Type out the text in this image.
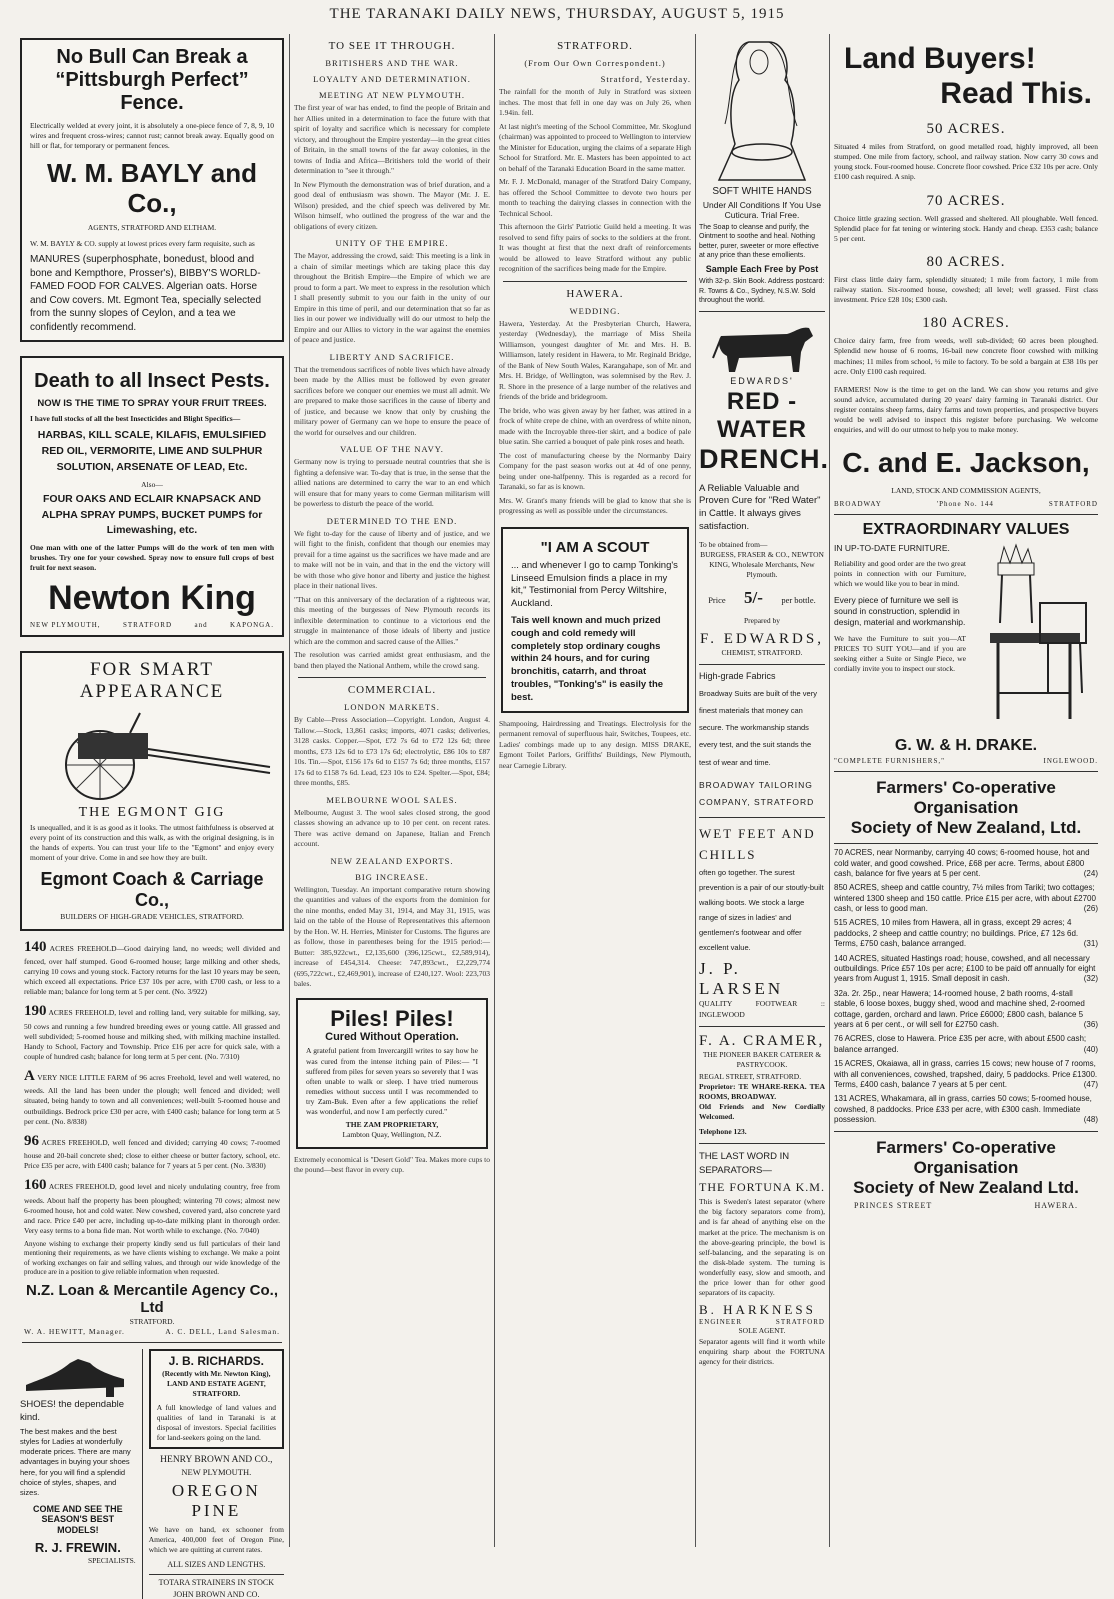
THE TARANAKI DAILY NEWS, THURSDAY, AUGUST 5, 1915
No Bull Can Break a
“Pittsburgh Perfect” Fence.
Electrically welded at every joint, it is absolutely a one-piece fence of 7, 8, 9, 10 wires and frequent cross-wires; cannot rust; cannot break away. Equally good on hill or flat, for temporary or permanent fences.
W. M. BAYLY and Co.,
AGENTS, STRATFORD AND ELTHAM.
W. M. BAYLY & CO. supply at lowest prices every farm requisite, such as
MANURES (superphosphate, bonedust, blood and bone and Kempthore, Prosser's), BIBBY'S WORLD-FAMED FOOD FOR CALVES. Algerian oats. Horse and Cow covers. Mt. Egmont Tea, specially selected from the sunny slopes of Ceylon, and a tea we confidently recommend.
Death to all Insect Pests.
NOW IS THE TIME TO SPRAY YOUR FRUIT TREES.
I have full stocks of all the best Insecticides and Blight Specifics—
HARBAS, KILL SCALE, KILAFIS, EMULSIFIED RED OIL, VERMORITE, LIME AND SULPHUR SOLUTION, ARSENATE OF LEAD, Etc.
Also—
FOUR OAKS AND ECLAIR KNAPSACK AND ALPHA SPRAY PUMPS, BUCKET PUMPS for Limewashing, etc.
One man with one of the latter Pumps will do the work of ten men with brushes. Try one for your cowshed. Spray now to ensure full crops of best fruit for next season.
Newton King
NEW PLYMOUTH,	STRATFORD	and	KAPONGA.
FOR SMART APPEARANCE
THE EGMONT GIG
Is unequalled, and it is as good as it looks. The utmost faithfulness is observed at every point of its construction and this walk, as with the original designing, is in the hands of experts. You can trust your life to the "Egmont" and enjoy every moment of your drive. Come in and see how they are built.
Egmont Coach & Carriage Co.,
BUILDERS OF HIGH-GRADE VEHICLES, STRATFORD.
140 ACRES FREEHOLD—Good dairying land, no weeds; well divided and fenced, over half stumped. Good 6-roomed house; large milking and other sheds, carrying 10 cows and young stock. Factory returns for the last 10 years may be seen, which exceed all expectations. Price £37 10s per acre, with £700 cash, or less to a reliable man; balance for long term at 5 per cent. (No. 3/922)
190 ACRES FREEHOLD, level and rolling land, very suitable for milking, say, 50 cows and running a few hundred breeding ewes or young cattle. All grassed and well subdivided; 5-roomed house and milking shed, with milking machine installed. Handy to School, Factory and Township. Price £16 per acre for quick sale, with a couple of hundred cash; balance for long term at 5 per cent. (No. 7/310)
A VERY NICE LITTLE FARM of 96 acres Freehold, level and well watered, no weeds. All the land has been under the plough; well fenced and divided; well situated, being handy to town and all conveniences; well-built 5-roomed house and outbuildings. Bedrock price £30 per acre, with £400 cash; balance for long term at 5 per cent. (No. 8/838)
96 ACRES FREEHOLD, well fenced and divided; carrying 40 cows; 7-roomed house and 20-bail concrete shed; close to either cheese or butter factory, school, etc. Price £35 per acre, with £400 cash; balance for 7 years at 5 per cent. (No. 3/830)
160 ACRES FREEHOLD, good level and nicely undulating country, free from weeds. About half the property has been ploughed; wintering 70 cows; almost new 6-roomed house, hot and cold water. New cowshed, covered yard, also concrete yard and race. Price £40 per acre, including up-to-date milking plant in thorough order. Very easy terms to a bona fide man. Not worth while to exchange. (No. 7/040)
Anyone wishing to exchange their property kindly send us full particulars of their land mentioning their requirements, as we have clients wishing to exchange. We make a point of working exchanges on fair and selling values, and through our wide knowledge of the produce are in a position to give reliable information when requested.
N.Z. Loan & Mercantile Agency Co., Ltd
STRATFORD.
W. A. HEWITT, Manager.	A. C. DELL, Land Salesman.
SHOES! the dependable kind.
The best makes and the best styles for Ladies at wonderfully moderate prices. There are many advantages in buying your shoes here, for you will find a splendid choice of styles, shapes, and sizes.
COME AND SEE THE SEASON'S BEST MODELS!
R. J. FREWIN.
SPECIALISTS.
J. B. RICHARDS.
(Recently with Mr. Newton King), LAND AND ESTATE AGENT, STRATFORD.
A full knowledge of land values and qualities of land in Taranaki is at disposal of investors. Special facilities for land-seekers going on the land.
HENRY BROWN AND CO.,
NEW PLYMOUTH.
OREGON PINE
We have on hand, ex schooner from America, 400,000 feet of Oregon Pine, which we are quitting at current rates.
ALL SIZES AND LENGTHS.
TOTARA STRAINERS IN STOCK
JOHN BROWN AND CO.
TO SEE IT THROUGH.
BRITISHERS AND THE WAR.
LOYALTY AND DETERMINATION.
MEETING AT NEW PLYMOUTH.
The first year of war has ended, to find the people of Britain and her Allies united in a determination to face the future with that spirit of loyalty and sacrifice which is necessary for complete victory, and throughout the Empire yesterday—in the great cities of Britain, in the small towns of the far away colonies, in the towns of India and Africa—Britishers told the world of their determination to "see it through."
In New Plymouth the demonstration was of brief duration, and a good deal of enthusiasm was shown. The Mayor (Mr. J. E. Wilson) presided, and the chief speech was delivered by Mr. Wilson himself, who outlined the progress of the war and the obligations of every citizen.
UNITY OF THE EMPIRE.
The Mayor, addressing the crowd, said: This meeting is a link in a chain of similar meetings which are taking place this day throughout the British Empire—the Empire of which we are proud to form a part. We meet to express in the resolution which I shall presently submit to you our faith in the unity of our Empire in this time of peril, and our determination that so far as lies in our power we individually will do our utmost to help the Empire and our Allies to victory in the war against the enemies of peace and justice.
LIBERTY AND SACRIFICE.
That the tremendous sacrifices of noble lives which have already been made by the Allies must be followed by even greater sacrifices before we conquer our enemies we must all admit. We are prepared to make those sacrifices in the cause of liberty and of justice, and because we know that only by crushing the military power of Germany can we hope to ensure the peace of the world for ourselves and our children.
VALUE OF THE NAVY.
Germany now is trying to persuade neutral countries that she is fighting a defensive war. To-day that is true, in the sense that the allied nations are determined to carry the war to an end which will ensure that for many years to come German militarism will be powerless to disturb the peace of the world.
DETERMINED TO THE END.
We fight to-day for the cause of liberty and of justice, and we will fight to the finish, confident that though our enemies may prevail for a time against us the sacrifices we have made and are to make will not be in vain, and that in the end the victory will be with those who give honor and liberty and justice the highest place in their national lives.
"That on this anniversary of the declaration of a righteous war, this meeting of the burgesses of New Plymouth records its inflexible determination to continue to a victorious end the struggle in maintenance of those ideals of liberty and justice which are the common and sacred cause of the Allies."
The resolution was carried amidst great enthusiasm, and the band then played the National Anthem, while the crowd sang.
COMMERCIAL.
LONDON MARKETS.
By Cable—Press Association—Copyright. London, August 4. Tallow.—Stock, 13,861 casks; imports, 4071 casks; deliveries, 3128 casks. Copper.—Spot, £72 7s 6d to £72 12s 6d; three months, £73 12s 6d to £73 17s 6d; electrolytic, £86 10s to £87 10s. Tin.—Spot, £156 17s 6d to £157 7s 6d; three months, £157 17s 6d to £158 7s 6d. Lead, £23 10s to £24. Spelter.—Spot, £84; three months, £85.
MELBOURNE WOOL SALES.
Melbourne, August 3. The wool sales closed strong, the good classes showing an advance up to 10 per cent. on recent rates. There was active demand on Japanese, Italian and French account.
NEW ZEALAND EXPORTS.
BIG INCREASE.
Wellington, Tuesday. An important comparative return showing the quantities and values of the exports from the dominion for the nine months, ended May 31, 1914, and May 31, 1915, was laid on the table of the House of Representatives this afternoon by the Hon. W. H. Herries, Minister for Customs. The figures are as follow, those in parentheses being for the 1915 period:— Butter: 385,922cwt., £2,135,600 (396,125cwt., £2,589,914), increase of £454,314. Cheese: 747,893cwt., £2,229,774 (695,722cwt., £2,469,901), increase of £240,127. Wool: 223,703 bales.
Piles! Piles!
Cured Without Operation.
A grateful patient from Invercargill writes to say how he was cured from the intense itching pain of Piles:— "I suffered from piles for seven years so severely that I was often unable to walk or sleep. I have tried numerous remedies without success until I was recommended to try Zam-Buk. Even after a few applications the relief was wonderful, and now I am perfectly cured."
THE ZAM PROPRIETARY,
Lambton Quay, Wellington, N.Z.
Extremely economical is "Desert Gold" Tea. Makes more cups to the pound—best flavor in every cup.
STRATFORD.
(From Our Own Correspondent.)
Stratford, Yesterday.
The rainfall for the month of July in Stratford was sixteen inches. The most that fell in one day was on July 26, when 1.94in. fell.
At last night's meeting of the School Committee, Mr. Skoglund (chairman) was appointed to proceed to Wellington to interview the Minister for Education, urging the claims of a separate High School for Stratford. Mr. E. Masters has been appointed to act on behalf of the Taranaki Education Board in the same matter.
Mr. F. J. McDonald, manager of the Stratford Dairy Company, has offered the School Committee to devote two hours per month to teaching the dairying classes in connection with the Technical School.
This afternoon the Girls' Patriotic Guild held a meeting. It was resolved to send fifty pairs of socks to the soldiers at the front. It was thought at first that the next draft of reinforcements would be allowed to leave Stratford without any public recognition of the sacrifices being made for the Empire.
HAWERA.
WEDDING.
Hawera, Yesterday. At the Presbyterian Church, Hawera, yesterday (Wednesday), the marriage of Miss Sheila Williamson, youngest daughter of Mr. and Mrs. H. B. Williamson, lately resident in Hawera, to Mr. Reginald Bridge, of the Bank of New South Wales, Karangahape, son of Mr. and Mrs. H. Bridge, of Wellington, was solemnised by the Rev. J. R. Shore in the presence of a large number of the relatives and friends of the bride and bridegroom.
The bride, who was given away by her father, was attired in a frock of white crepe de chine, with an overdress of white ninon, made with the Incroyable three-tier skirt, and a bodice of pale blue satin. She carried a bouquet of pale pink roses and heath.
The cost of manufacturing cheese by the Normanby Dairy Company for the past season works out at 4d of one penny, being under one-halfpenny. This is regarded as a record for Taranaki, so far as is known.
Mrs. W. Grant's many friends will be glad to know that she is progressing as well as possible under the circumstances.
"I AM A SCOUT
... and whenever I go to camp Tonking's Linseed Emulsion finds a place in my kit," Testimonial from Percy Wiltshire, Auckland.
Tais well known and much prized cough and cold remedy will completely stop ordinary coughs within 24 hours, and for curing bronchitis, catarrh, and throat troubles, "Tonking's" is easily the best.
Shampooing, Hairdressing and Treatings. Electrolysis for the permanent removal of superfluous hair, Switches, Toupees, etc. Ladies' combings made up to any design. MISS DRAKE, Egmont Toilet Parlors, Griffiths' Buildings, New Plymouth, near Carnegie Library.
SOFT WHITE HANDS
Under All Conditions If You Use Cuticura. Trial Free.
The Soap to cleanse and purify, the Ointment to soothe and heal. Nothing better, purer, sweeter or more effective at any price than these emollients.
Sample Each Free by Post
With 32-p. Skin Book. Address postcard: R. Towns & Co., Sydney, N.S.W. Sold throughout the world.
EDWARDS'
RED - WATER
DRENCH.
A Reliable Valuable and Proven Cure for "Red Water" in Cattle. It always gives satisfaction.
To be obtained from—
BURGESS, FRASER & CO., NEWTON KING, Wholesale Merchants, New Plymouth.
Price 5/- per bottle.
Prepared by
F. EDWARDS,
CHEMIST, STRATFORD.
High-grade Fabrics
Broadway Suits are built of the very finest materials that money can secure. The workmanship stands every test, and the suit stands the test of wear and time.
BROADWAY TAILORING COMPANY, STRATFORD
WET FEET AND CHILLS
often go together. The surest prevention is a pair of our stoutly-built walking boots. We stock a large range of sizes in ladies' and gentlemen's footwear and offer excellent value.
J. P. LARSEN
QUALITY FOOTWEAR :: INGLEWOOD
F. A. CRAMER,
THE PIONEER BAKER CATERER & PASTRYCOOK.
REGAL STREET, STRATFORD.
Proprietor: TE WHARE-REKA. TEA ROOMS, BROADWAY.
Old Friends and New Cordially Welcomed.
Telephone 123.
THE LAST WORD IN SEPARATORS—
THE FORTUNA K.M.
This is Sweden's latest separator (where the big factory separators come from), and is far ahead of anything else on the market at the price. The mechanism is on the above-gearing principle, the bowl is self-balancing, and the separating is on the disk-blade system. The turning is wonderfully easy, slow and smooth, and the price lower than for other good separators of its capacity.
B. HARKNESS
ENGINEER	STRATFORD
SOLE AGENT.
Separator agents will find it worth while enquiring sharp about the FORTUNA agency for their districts.
Land Buyers!
Read This.
50 ACRES.
Situated 4 miles from Stratford, on good metalled road, highly improved, all been stumped. One mile from factory, school, and railway station. Now carry 30 cows and young stock. Four-roomed house. Concrete floor cowshed. Price £32 10s per acre. Only £100 cash required. A snip.
70 ACRES.
Choice little grazing section. Well grassed and sheltered. All ploughable. Well fenced. Splendid place for fat tening or wintering stock. Handy and cheap. £353 cash; balance 5 per cent.
80 ACRES.
First class little dairy farm, splendidly situated; 1 mile from factory, 1 mile from railway station. Six-roomed house, cowshed; all level; well grassed. First class investment. Price £28 10s; £300 cash.
180 ACRES.
Choice dairy farm, free from weeds, well sub-divided; 60 acres been ploughed. Splendid new house of 6 rooms, 16-bail new concrete floor cowshed with milking machines; 11 miles from school, ½ mile to factory. To be sold a bargain at £38 10s per acre. Only £100 cash required.
FARMERS! Now is the time to get on the land. We can show you returns and give sound advice, accumulated during 20 years' dairy farming in Taranaki district. Our register contains sheep farms, dairy farms and town properties, and prospective buyers would be well advised to inspect this register before purchasing. We welcome enquiries, and will do our utmost to help you to make money.
C. and E. Jackson,
LAND, STOCK AND COMMISSION AGENTS,
BROADWAY	'Phone No. 144	STRATFORD
EXTRAORDINARY VALUES
IN UP-TO-DATE FURNITURE.
Reliability and good order are the two great points in connection with our Furniture, which we would like you to bear in mind.
Every piece of furniture we sell is sound in construction, splendid in design, material and workmanship.
We have the Furniture to suit you—AT PRICES TO SUIT YOU—and if you are seeking either a Suite or Single Piece, we cordially invite you to inspect our stock.
G. W. & H. DRAKE.
"COMPLETE FURNISHERS,"	INGLEWOOD.
Farmers' Co-operative Organisation
Society of New Zealand, Ltd.
70 ACRES, near Normanby, carrying 40 cows; 6-roomed house, hot and cold water, and good cowshed. Price, £68 per acre. Terms, about £800 cash, balance for five years at 5 per cent.	(24)
850 ACRES, sheep and cattle country, 7½ miles from Tariki; two cottages; wintered 1300 sheep and 150 cattle. Price £15 per acre, with about £2700 cash, or less to good man.	(26)
515 ACRES, 10 miles from Hawera, all in grass, except 29 acres; 4 paddocks, 2 sheep and cattle country; no buildings. Price, £7 12s 6d. Terms, £750 cash, balance arranged.	(31)
140 ACRES, situated Hastings road; house, cowshed, and all necessary outbuildings. Price £57 10s per acre; £100 to be paid off annually for eight years from August 1, 1915. Small deposit in cash.	(32)
32a. 2r. 25p., near Hawera; 14-roomed house, 2 bath rooms, 4-stall stable, 6 loose boxes, buggy shed, wood and machine shed, 2-roomed cottage, garden, orchard and lawn. Price £6000; £800 cash, balance 5 years at 6 per cent., or will sell for £2750 cash.	(36)
76 ACRES, close to Hawera. Price £35 per acre, with about £500 cash; balance arranged.	(40)
15 ACRES, Okaiawa, all in grass, carries 15 cows; new house of 7 rooms, with all conveniences, cowshed, trapshed, dairy, 5 paddocks. Price £1300. Terms, £400 cash, balance 7 years at 5 per cent.	(47)
131 ACRES, Whakamara, all in grass, carries 50 cows; 5-roomed house, cowshed, 8 paddocks. Price £33 per acre, with £300 cash. Immediate possession.	(48)
Farmers' Co-operative Organisation
Society of New Zealand Ltd.
PRINCES STREET	HAWERA.
